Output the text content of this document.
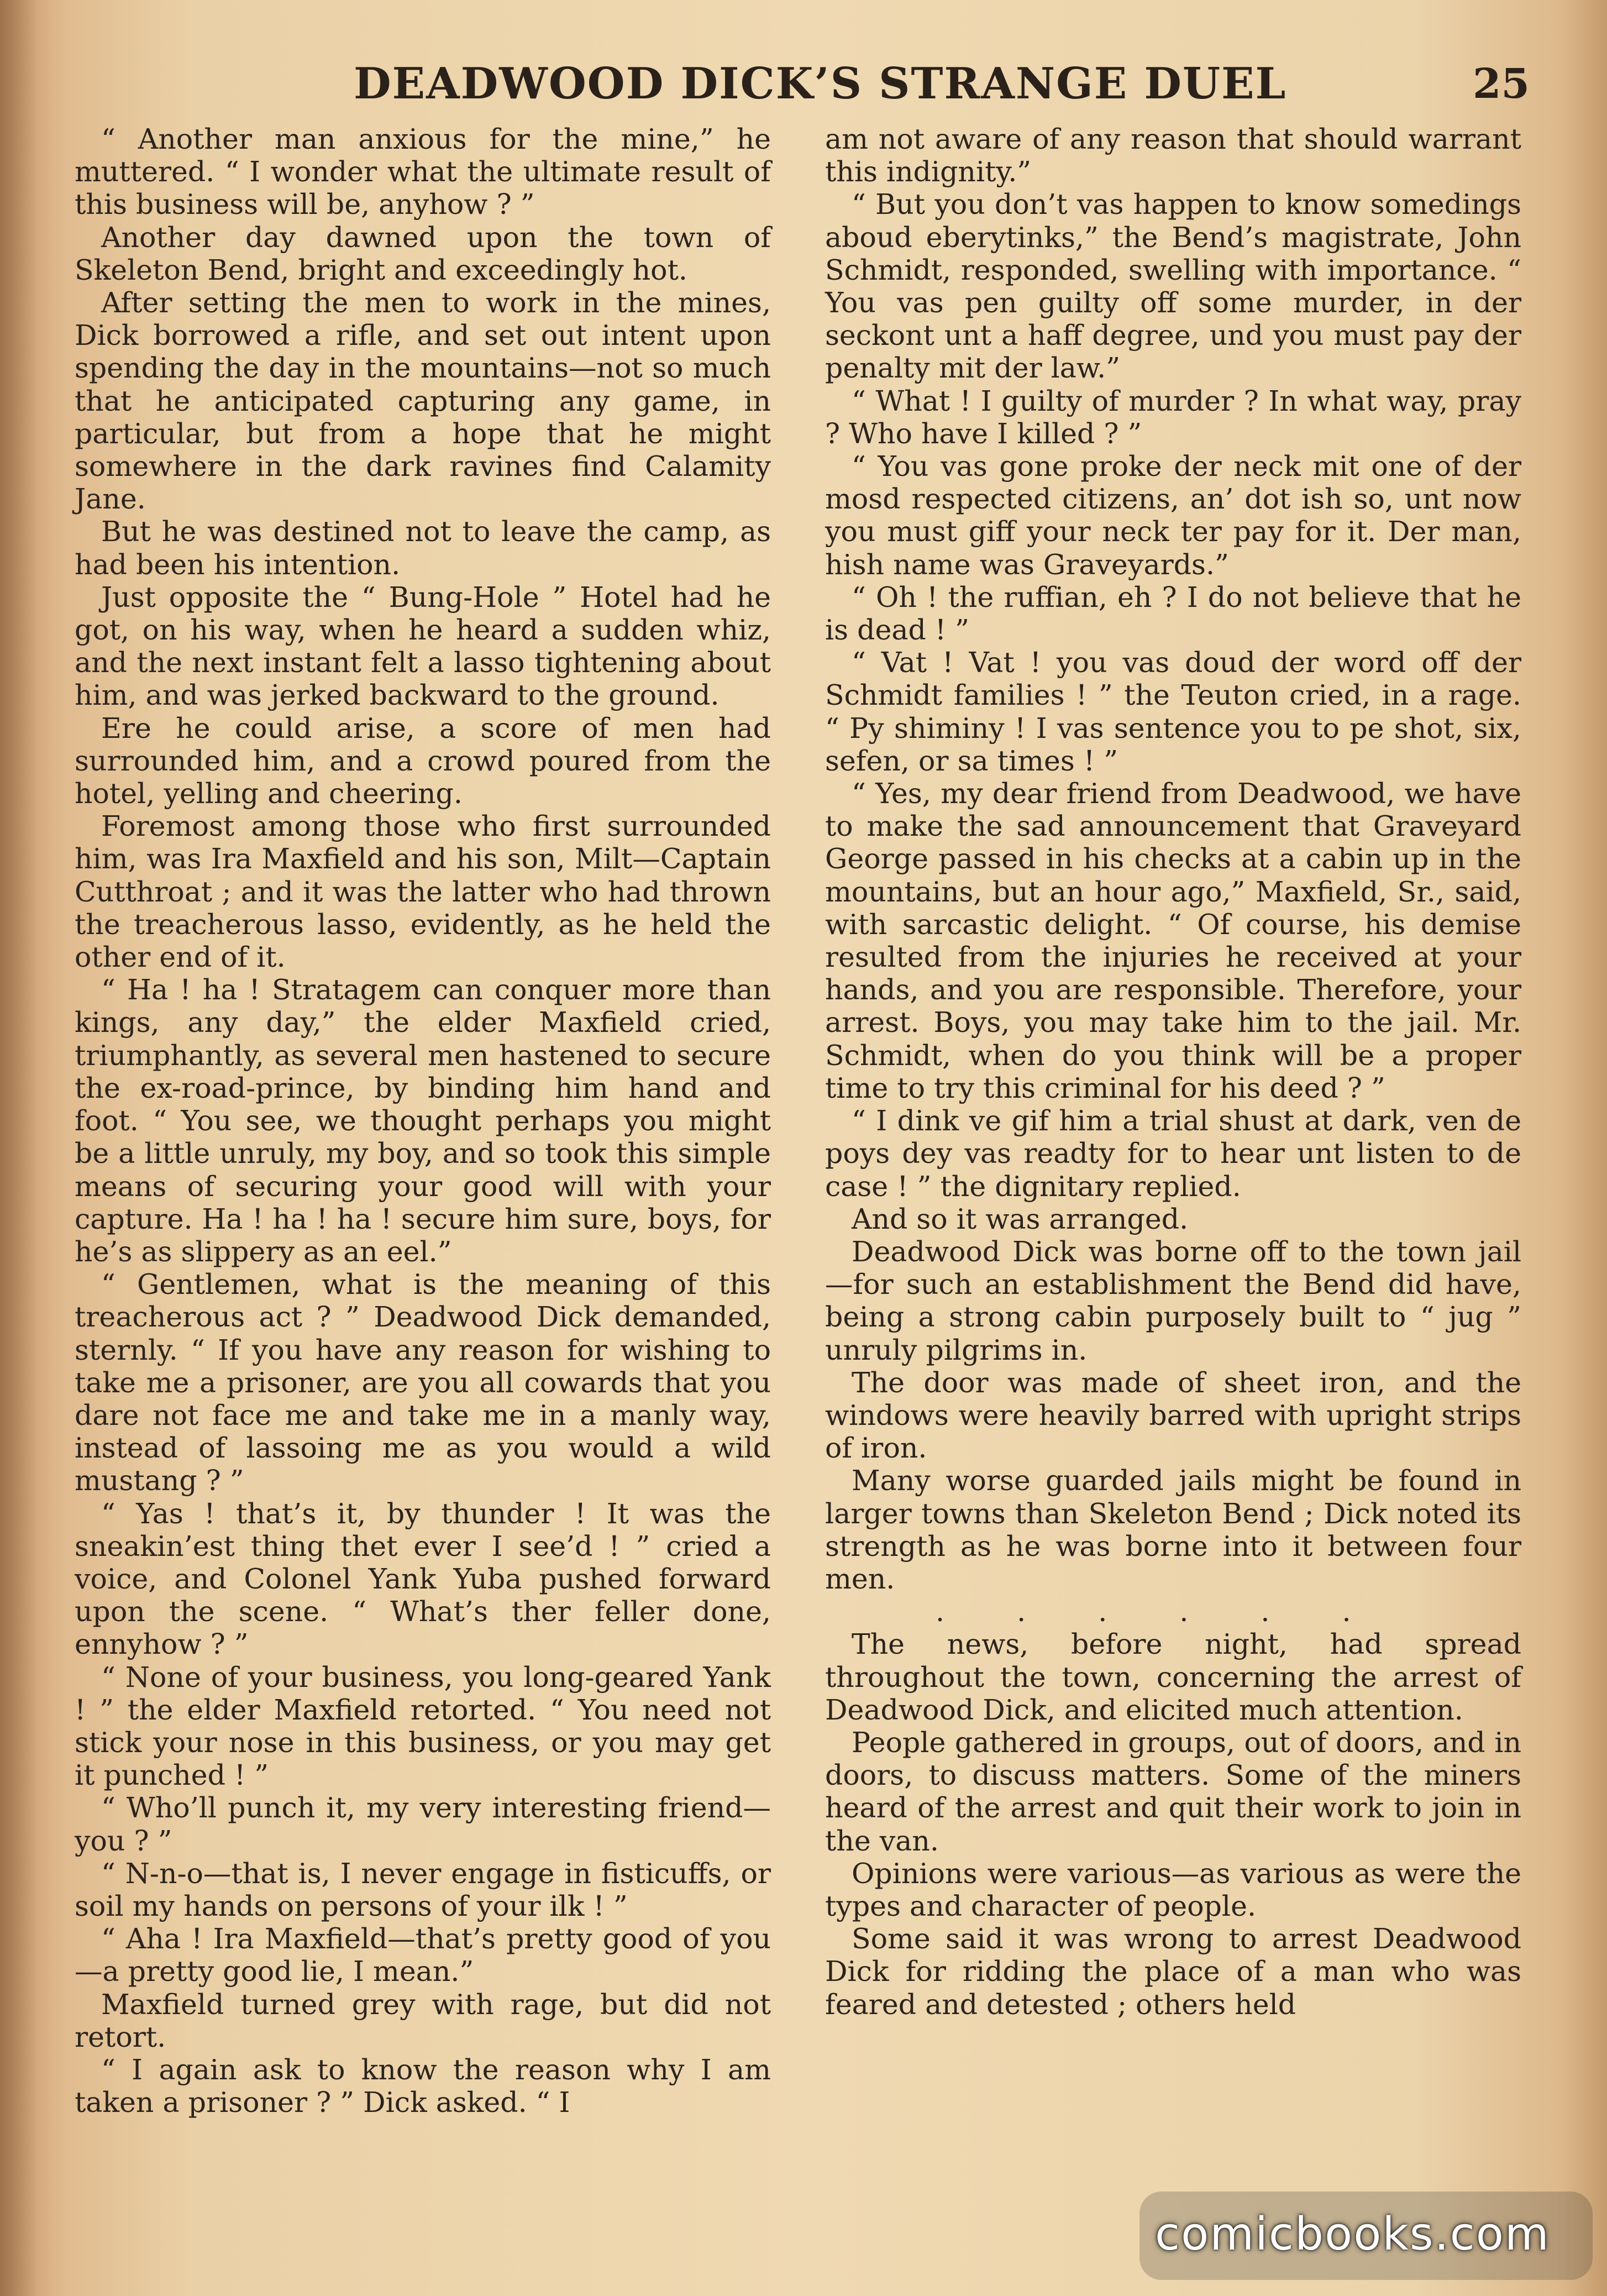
DEADWOOD DICK’S STRANGE DUEL	25

“ Another man anxious for the mine,” he muttered. “ I wonder what the ultimate result of this business will be, anyhow ? ”

Another day dawned upon the town of Skeleton Bend, bright and exceedingly hot.

After setting the men to work in the mines, Dick borrowed a rifle, and set out intent upon spending the day in the mountains—not so much that he anticipated capturing any game, in particular, but from a hope that he might somewhere in the dark ravines find Calamity Jane.

But he was destined not to leave the camp, as had been his intention.

Just opposite the “ Bung-Hole ” Hotel had he got, on his way, when he heard a sudden whiz, and the next instant felt a lasso tightening about him, and was jerked backward to the ground.

Ere he could arise, a score of men had surrounded him, and a crowd poured from the hotel, yelling and cheering.

Foremost among those who first surrounded him, was Ira Maxfield and his son, Milt—Captain Cutthroat ; and it was the latter who had thrown the treacherous lasso, evidently, as he held the other end of it.

“ Ha ! ha ! Stratagem can conquer more than kings, any day,” the elder Maxfield cried, triumphantly, as several men hastened to secure the ex-road-prince, by binding him hand and foot. “ You see, we thought perhaps you might be a little unruly, my boy, and so took this simple means of securing your good will with your capture. Ha ! ha ! ha ! secure him sure, boys, for he’s as slippery as an eel.”

“ Gentlemen, what is the meaning of this treacherous act ? ” Deadwood Dick demanded, sternly. “ If you have any reason for wishing to take me a prisoner, are you all cowards that you dare not face me and take me in a manly way, instead of lassoing me as you would a wild mustang ? ”

“ Yas ! that’s it, by thunder ! It was the sneakin’est thing thet ever I see’d ! ” cried a voice, and Colonel Yank Yuba pushed forward upon the scene. “ What’s ther feller done, ennyhow ? ”

“ None of your business, you long-geared Yank ! ” the elder Maxfield retorted. “ You need not stick your nose in this business, or you may get it punched ! ”

“ Who’ll punch it, my very interesting friend—you ? ”

“ N-n-o—that is, I never engage in fisticuffs, or soil my hands on persons of your ilk ! ”

“ Aha ! Ira Maxfield—that’s pretty good of you—a pretty good lie, I mean.”

Maxfield turned grey with rage, but did not retort.

“ I again ask to know the reason why I am taken a prisoner ? ” Dick asked. “ I

am not aware of any reason that should warrant this indignity.”

“ But you don’t vas happen to know somedings aboud eberytinks,” the Bend’s magistrate, John Schmidt, responded, swelling with importance. “ You vas pen guilty off some murder, in der seckont unt a haff degree, und you must pay der penalty mit der law.”

“ What ! I guilty of murder ? In what way, pray ? Who have I killed ? ”

“ You vas gone proke der neck mit one of der mosd respected citizens, an’ dot ish so, unt now you must giff your neck ter pay for it. Der man, hish name was Graveyards.”

“ Oh ! the ruffian, eh ? I do not believe that he is dead ! ”

“ Vat ! Vat ! you vas doud der word off der Schmidt families ! ” the Teuton cried, in a rage. “ Py shiminy ! I vas sentence you to pe shot, six, sefen, or sa times ! ”

“ Yes, my dear friend from Deadwood, we have to make the sad announcement that Graveyard George passed in his checks at a cabin up in the mountains, but an hour ago,” Maxfield, Sr., said, with sarcastic delight. “ Of course, his demise resulted from the injuries he received at your hands, and you are responsible. Therefore, your arrest. Boys, you may take him to the jail. Mr. Schmidt, when do you think will be a proper time to try this criminal for his deed ? ”

“ I dink ve gif him a trial shust at dark, ven de poys dey vas readty for to hear unt listen to de case ! ” the dignitary replied.

And so it was arranged.

Deadwood Dick was borne off to the town jail—for such an establishment the Bend did have, being a strong cabin purposely built to “ jug ” unruly pilgrims in.

The door was made of sheet iron, and the windows were heavily barred with upright strips of iron.

Many worse guarded jails might be found in larger towns than Skeleton Bend ; Dick noted its strength as he was borne into it between four men.

. . . . . .

The news, before night, had spread throughout the town, concerning the arrest of Deadwood Dick, and elicited much attention.

People gathered in groups, out of doors, and in doors, to discuss matters. Some of the miners heard of the arrest and quit their work to join in the van.

Opinions were various—as various as were the types and character of people.

Some said it was wrong to arrest Deadwood Dick for ridding the place of a man who was feared and detested ; others held

comicbooks.com
